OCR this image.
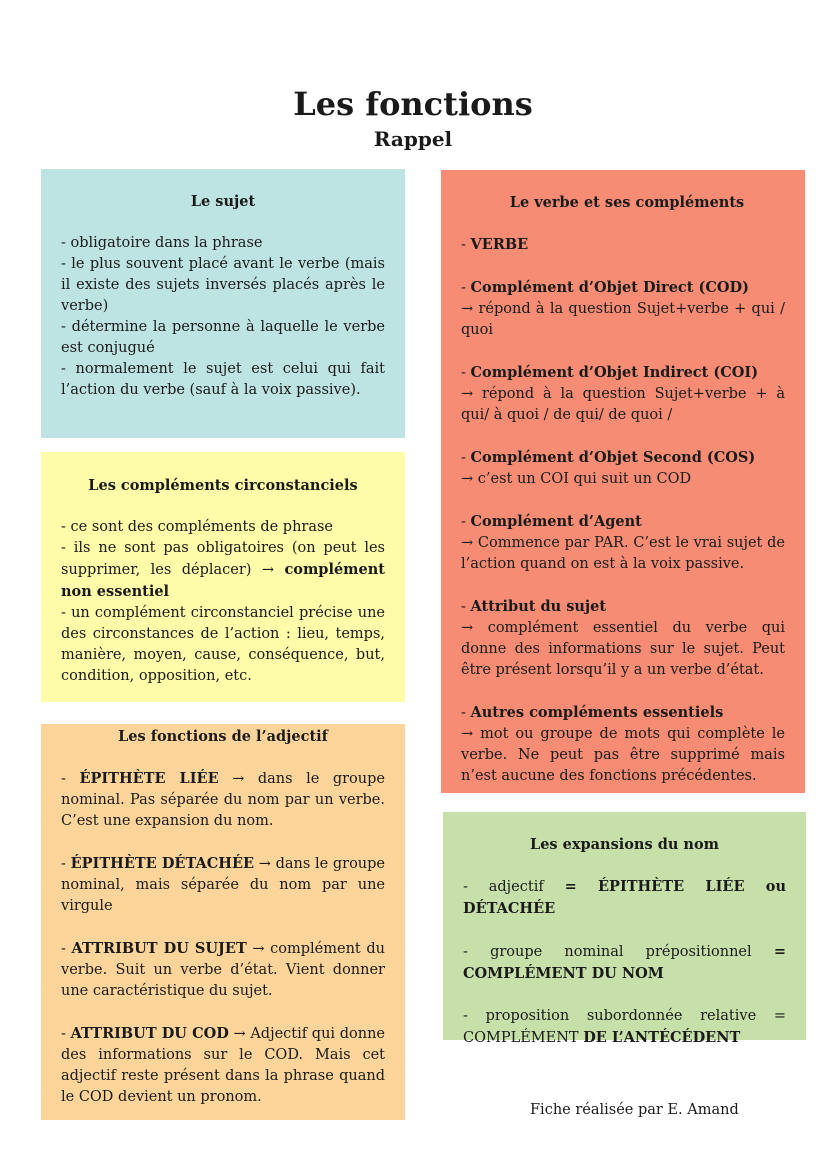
Les fonctions
Rappel
Le sujet

- obligatoire dans la phrase

- le plus souvent placé avant le verbe (mais il existe des sujets inversés placés après le verbe)

- détermine la personne à laquelle le verbe est conjugué

- normalement le sujet est celui qui fait l’action du verbe (sauf à la voix passive).

Les compléments circonstanciels

- ce sont des compléments de phrase

- ils ne sont pas obligatoires (on peut les supprimer, les déplacer) → complément non essentiel

- un complément circonstanciel précise une des circonstances de l’action : lieu, temps, manière, moyen, cause, conséquence, but, condition, opposition, etc.

Les fonctions de l’adjectif

- ÉPITHÈTE LIÉE → dans le groupe nominal. Pas séparée du nom par un verbe. C’est une expansion du nom.

- ÉPITHÈTE DÉTACHÉE → dans le groupe nominal, mais séparée du nom par une virgule

- ATTRIBUT DU SUJET → complément du verbe. Suit un verbe d’état. Vient donner une caractéristique du sujet.

- ATTRIBUT DU COD → Adjectif qui donne des informations sur le COD. Mais cet adjectif reste présent dans la phrase quand le COD devient un pronom.

Le verbe et ses compléments

- VERBE

- Complément d’Objet Direct (COD)

→ répond à la question Sujet+verbe + qui / quoi

- Complément d’Objet Indirect (COI)

→ répond à la question Sujet+verbe + à qui/ à quoi / de qui/ de quoi /

- Complément d’Objet Second (COS)

→ c’est un COI qui suit un COD

- Complément d’Agent

→ Commence par PAR. C’est le vrai sujet de l’action quand on est à la voix passive.

- Attribut du sujet

→ complément essentiel du verbe qui donne des informations sur le sujet. Peut être présent lorsqu’il y a un verbe d’état.

- Autres compléments essentiels

→ mot ou groupe de mots qui complète le verbe. Ne peut pas être supprimé mais n’est aucune des fonctions précédentes.

Les expansions du nom

- adjectif = ÉPITHÈTE LIÉE ou DÉTACHÉE

- groupe nominal prépositionnel = COMPLÉMENT DU NOM

- proposition subordonnée relative = COMPLÉMENT DE L’ANTÉCÉDENT

Fiche réalisée par E. Amand
